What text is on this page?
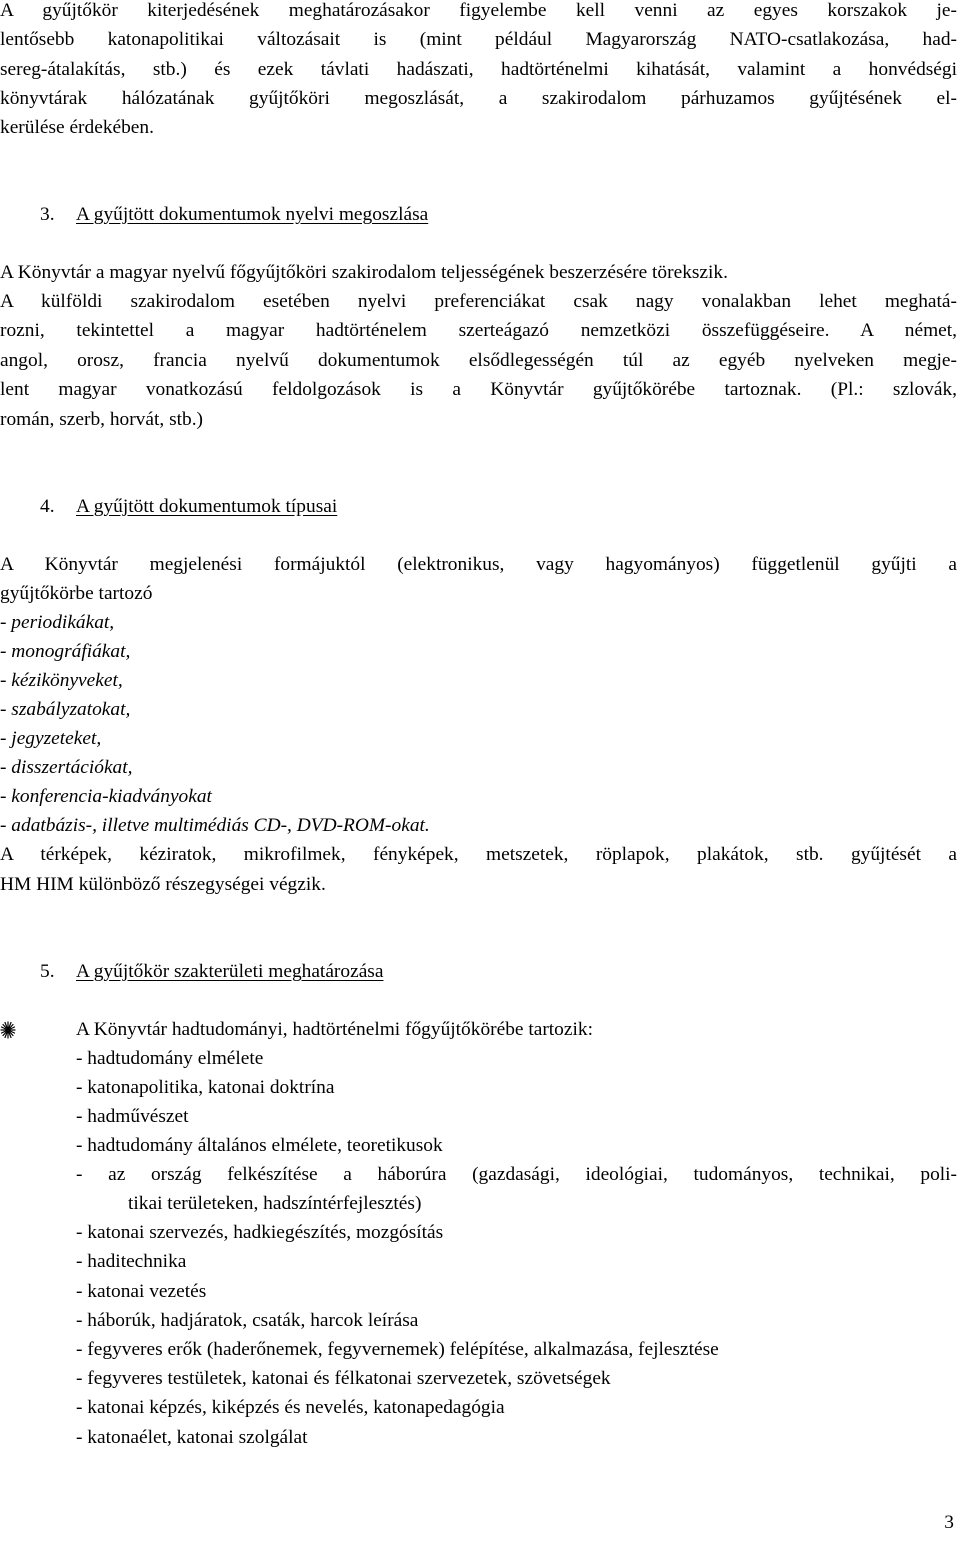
A gyűjtőkör kiterjedésének meghatározásakor figyelembe kell venni az egyes korszakok je-
lentősebb katonapolitikai változásait is (mint például Magyarország NATO-csatlakozása, had-
sereg-átalakítás, stb.) és ezek távlati hadászati, hadtörténelmi kihatását, valamint a honvédségi
könyvtárak hálózatának gyűjtőköri megoszlását, a szakirodalom párhuzamos gyűjtésének el-
kerülése érdekében.
3. A gyűjtött dokumentumok nyelvi megoszlása
A Könyvtár a magyar nyelvű főgyűjtőköri szakirodalom teljességének beszerzésére törekszik.
A külföldi szakirodalom esetében nyelvi preferenciákat csak nagy vonalakban lehet meghatá-
rozni, tekintettel a magyar hadtörténelem szerteágazó nemzetközi összefüggéseire. A német,
angol, orosz, francia nyelvű dokumentumok elsődlegességén túl az egyéb nyelveken megje-
lent magyar vonatkozású feldolgozások is a Könyvtár gyűjtőkörébe tartoznak. (Pl.: szlovák,
román, szerb, horvát, stb.)
4. A gyűjtött dokumentumok típusai
A Könyvtár megjelenési formájuktól (elektronikus, vagy hagyományos) függetlenül gyűjti a
gyűjtőkörbe tartozó
- periodikákat,
- monográfiákat,
- kézikönyveket,
- szabályzatokat,
- jegyzeteket,
- disszertációkat,
- konferencia-kiadványokat
- adatbázis-, illetve multimédiás CD-, DVD-ROM-okat.
A térképek, kéziratok, mikrofilmek, fényképek, metszetek, röplapok, plakátok, stb. gyűjtését a
HM HIM különböző részegységei végzik.
5. A gyűjtőkör szakterületi meghatározása
A Könyvtár hadtudományi, hadtörténelmi főgyűjtőkörébe tartozik:
- hadtudomány elmélete
- katonapolitika, katonai doktrína
- hadművészet
- hadtudomány általános elmélete, teoretikusok
- az ország felkészítése a háborúra (gazdasági, ideológiai, tudományos, technikai, poli-
tikai területeken, hadszíntérfejlesztés)
- katonai szervezés, hadkiegészítés, mozgósítás
- haditechnika
- katonai vezetés
- háborúk, hadjáratok, csaták, harcok leírása
- fegyveres erők (haderőnemek, fegyvernemek) felépítése, alkalmazása, fejlesztése
- fegyveres testületek, katonai és félkatonai szervezetek, szövetségek
- katonai képzés, kiképzés és nevelés, katonapedagógia
- katonaélet, katonai szolgálat
3
